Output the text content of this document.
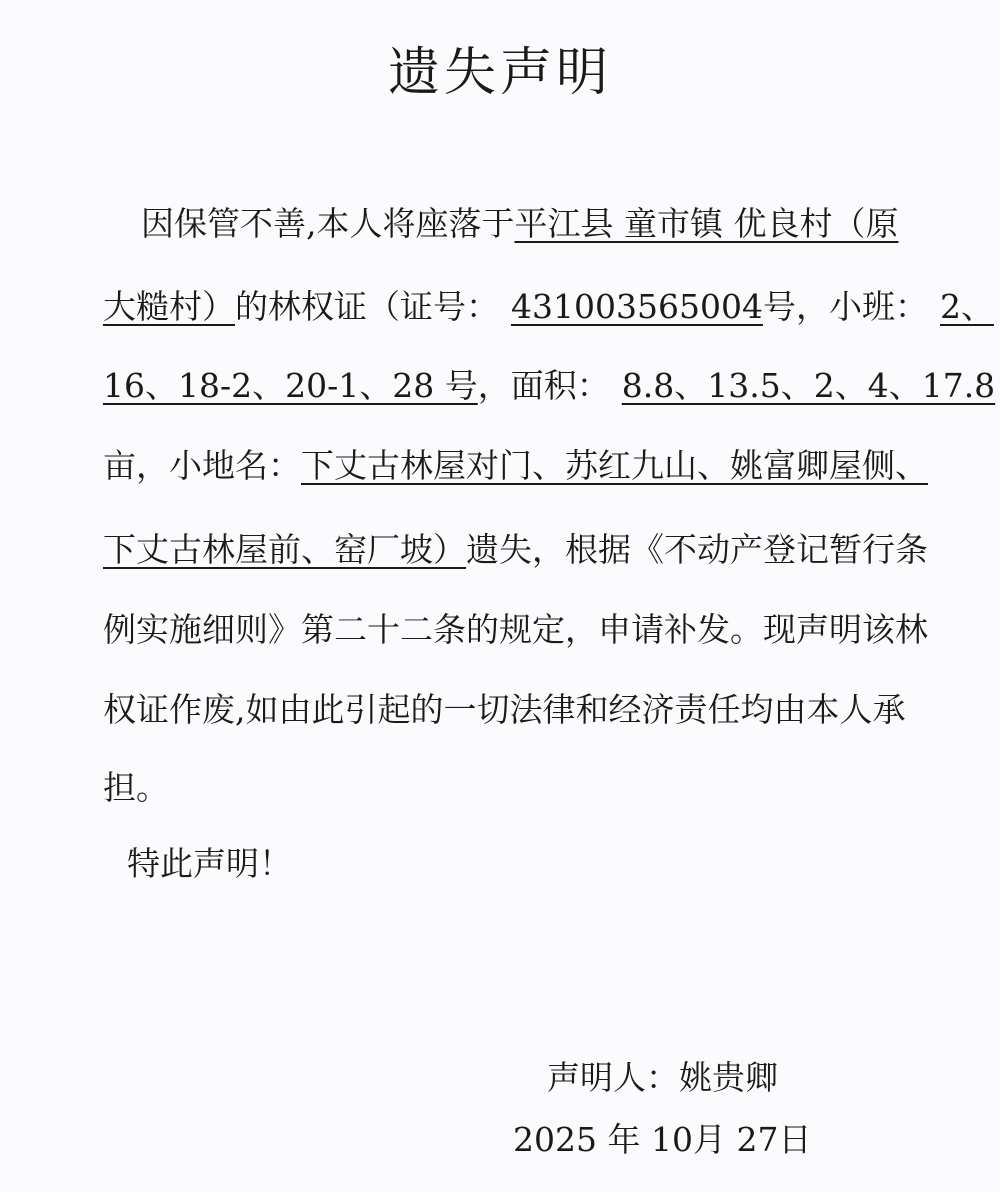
遗失声明
因保管不善,本人将座落于平江县 童市镇 优良村（原
大糙村）的林权证（证号： 431003565004号，小班： 2、
16、18-2、20-1、28 号，面积： 8.8、13.5、2、4、17.8
亩，小地名：下丈古林屋对门、苏红九山、姚富卿屋侧、
下丈古林屋前、窑厂坡）遗失，根据《不动产登记暂行条
例实施细则》第二十二条的规定，申请补发。现声明该林
权证作废,如由此引起的一切法律和经济责任均由本人承
担。
特此声明！
声明人：姚贵卿
2025 年 10月 27日
